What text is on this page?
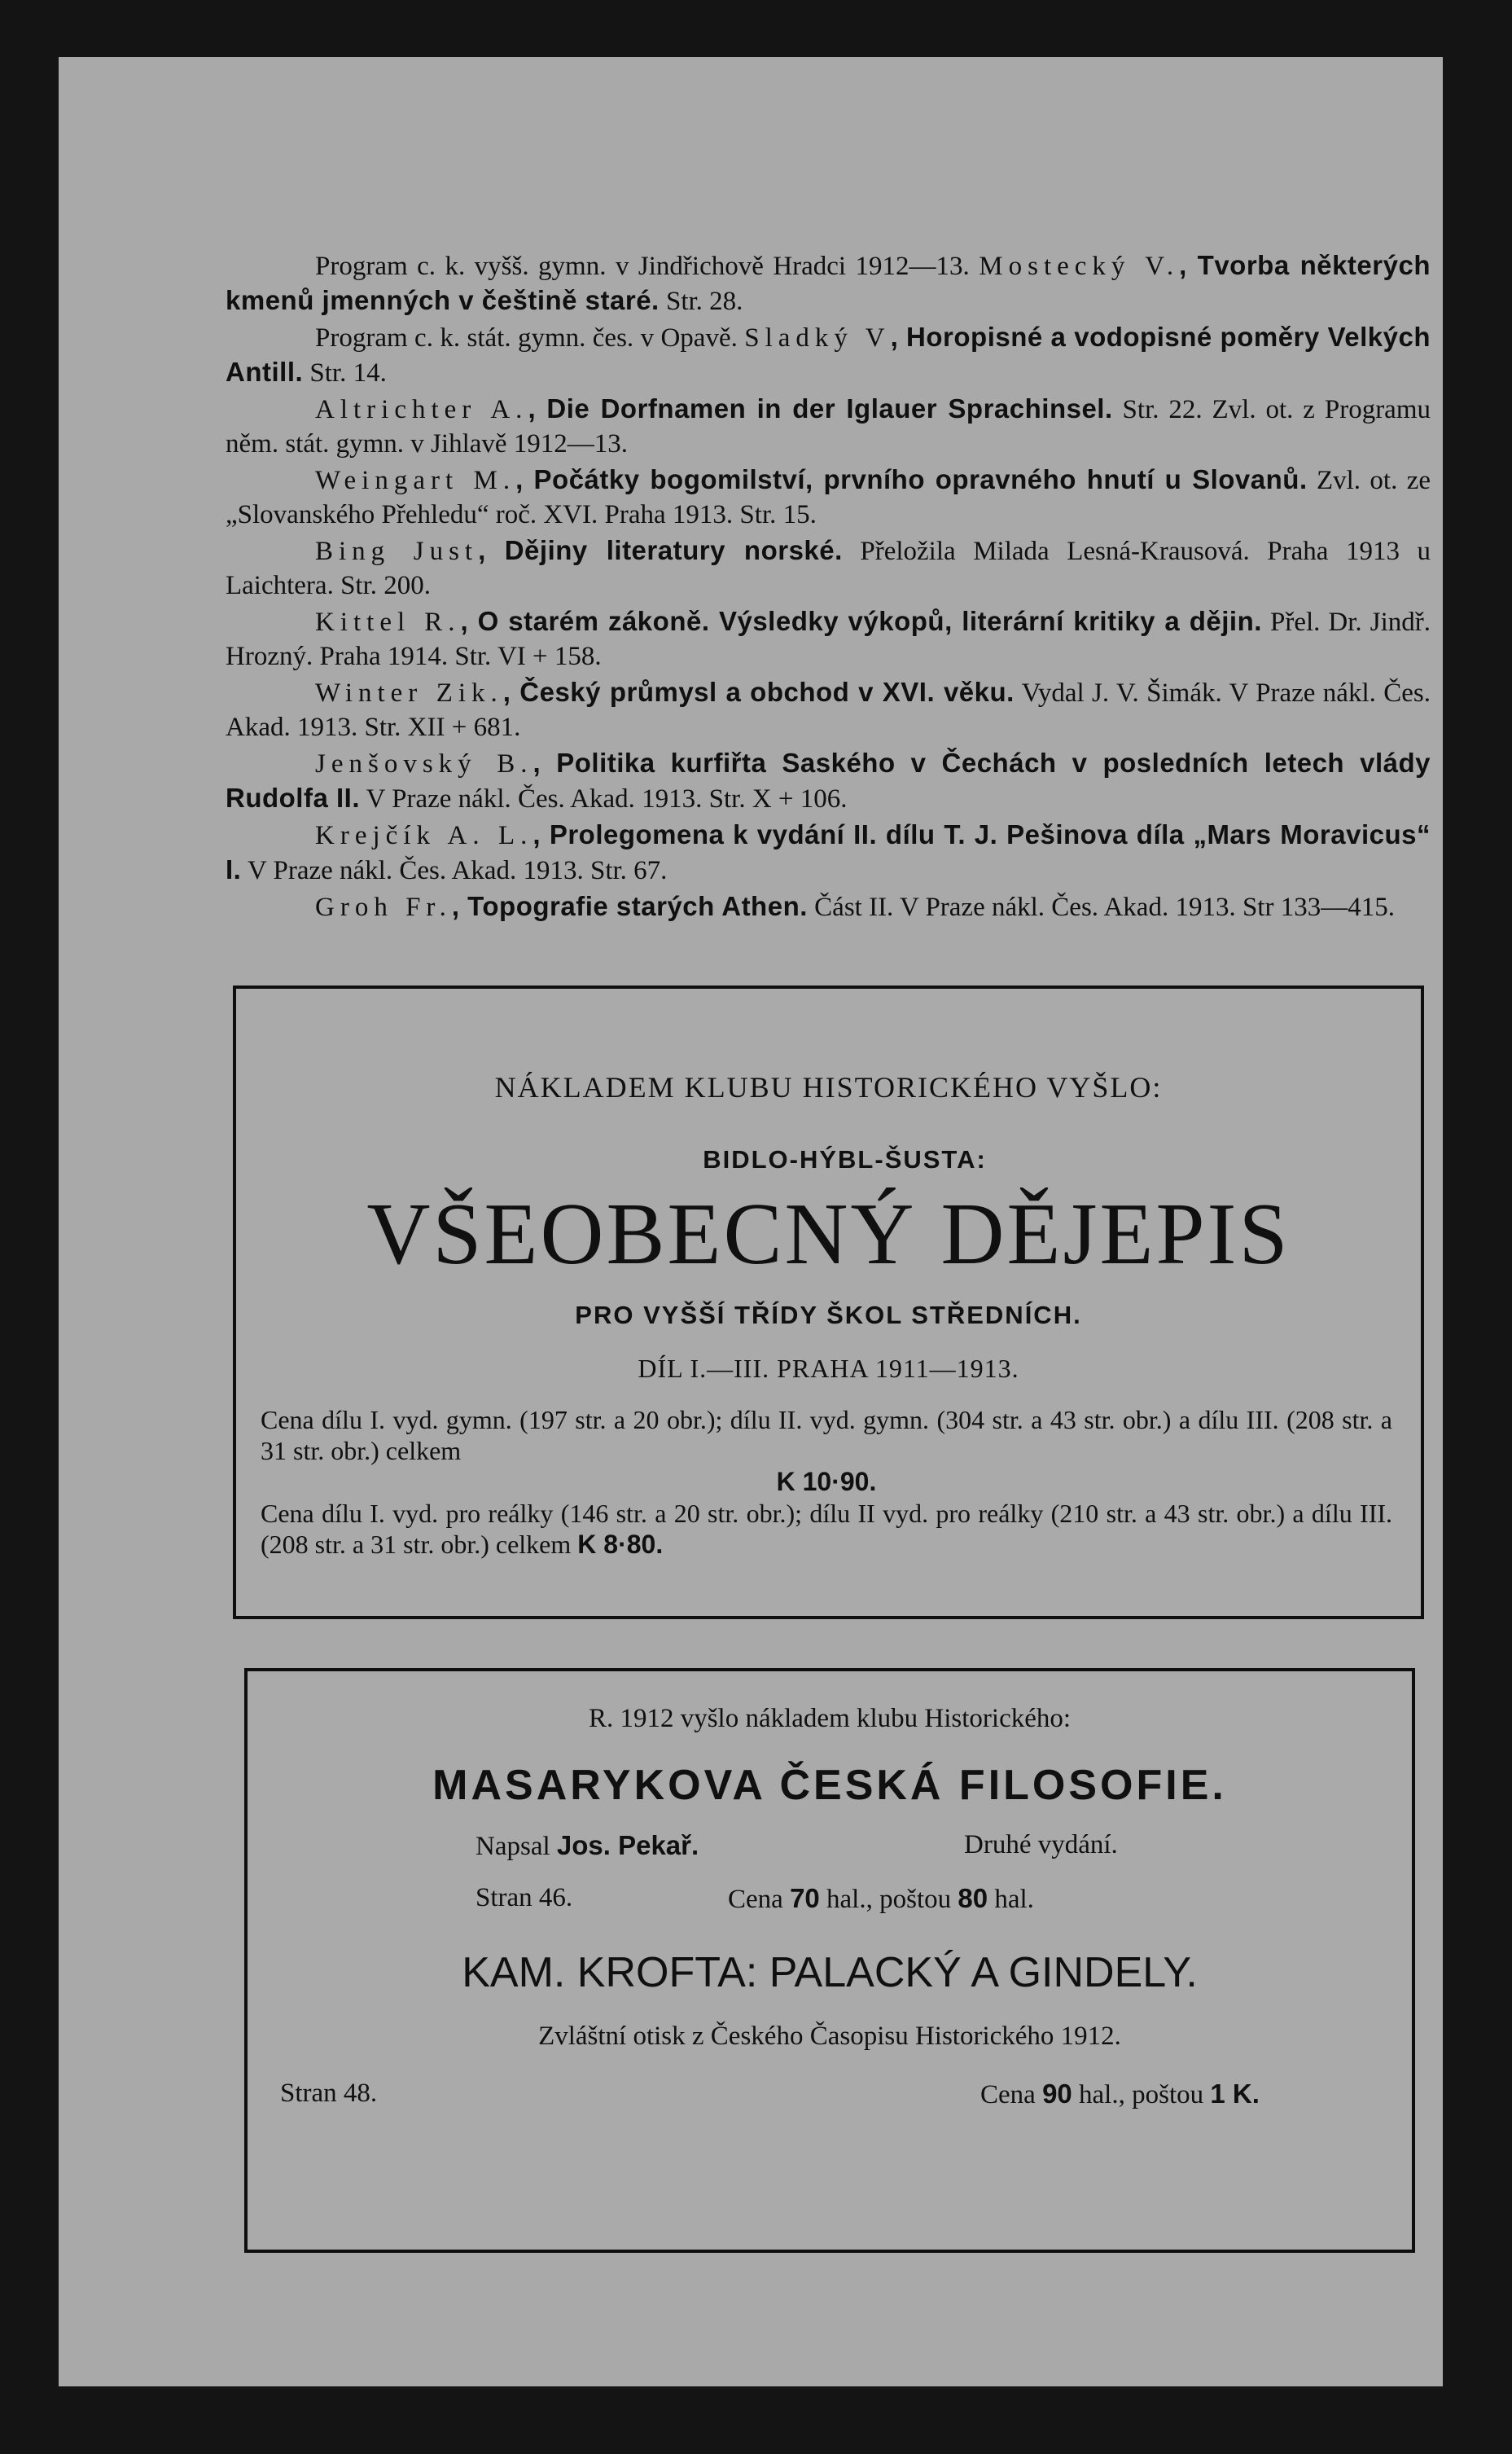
Program c. k. vyšš. gymn. v Jindřichově Hradci 1912—13. Mostecký V., Tvorba některých kmenů jmenných v češtině staré. Str. 28.
Program c. k. stát. gymn. čes. v Opavě. Sladký V, Horopisné a vodopisné poměry Velkých Antill. Str. 14.
Altrichter A., Die Dorfnamen in der Iglauer Sprachinsel. Str. 22. Zvl. ot. z Programu něm. stát. gymn. v Jihlavě 1912—13.
Weingart M., Počátky bogomilství, prvního opravného hnutí u Slovanů. Zvl. ot. ze „Slovanského Přehledu“ roč. XVI. Praha 1913. Str. 15.
Bing Just, Dějiny literatury norské. Přeložila Milada Lesná-Krausová. Praha 1913 u Laichtera. Str. 200.
Kittel R., O starém zákoně. Výsledky výkopů, literární kritiky a dějin. Přel. Dr. Jindř. Hrozný. Praha 1914. Str. VI + 158.
Winter Zik., Český průmysl a obchod v XVI. věku. Vydal J. V. Šimák. V Praze nákl. Čes. Akad. 1913. Str. XII + 681.
Jenšovský B., Politika kurfiřta Saského v Čechách v posledních letech vlády Rudolfa II. V Praze nákl. Čes. Akad. 1913. Str. X + 106.
Krejčík A. L., Prolegomena k vydání II. dílu T. J. Pešinova díla „Mars Moravicus“ I. V Praze nákl. Čes. Akad. 1913. Str. 67.
Groh Fr., Topografie starých Athen. Část II. V Praze nákl. Čes. Akad. 1913. Str 133—415.
NÁKLADEM KLUBU HISTORICKÉHO VYŠLO:
BIDLO-HÝBL-ŠUSTA:
VŠEOBECNÝ DĚJEPIS
PRO VYŠŠÍ TŘÍDY ŠKOL STŘEDNÍCH.
DÍL I.—III. PRAHA 1911—1913.
Cena dílu I. vyd. gymn. (197 str. a 20 obr.); dílu II. vyd. gymn. (304 str. a 43 str. obr.) a dílu III. (208 str. a 31 str. obr.) celkem
K 10·90.
Cena dílu I. vyd. pro reálky (146 str. a 20 str. obr.); dílu II vyd. pro reálky (210 str. a 43 str. obr.) a dílu III. (208 str. a 31 str. obr.) celkem K 8·80.
R. 1912 vyšlo nákladem klubu Historického:
MASARYKOVA ČESKÁ FILOSOFIE.
Napsal Jos. Pekař.	Druhé vydání.
Stran 46.	Cena 70 hal., poštou 80 hal.
KAM. KROFTA: PALACKÝ A GINDELY.
Zvláštní otisk z Českého Časopisu Historického 1912.
Stran 48.	Cena 90 hal., poštou 1 K.
